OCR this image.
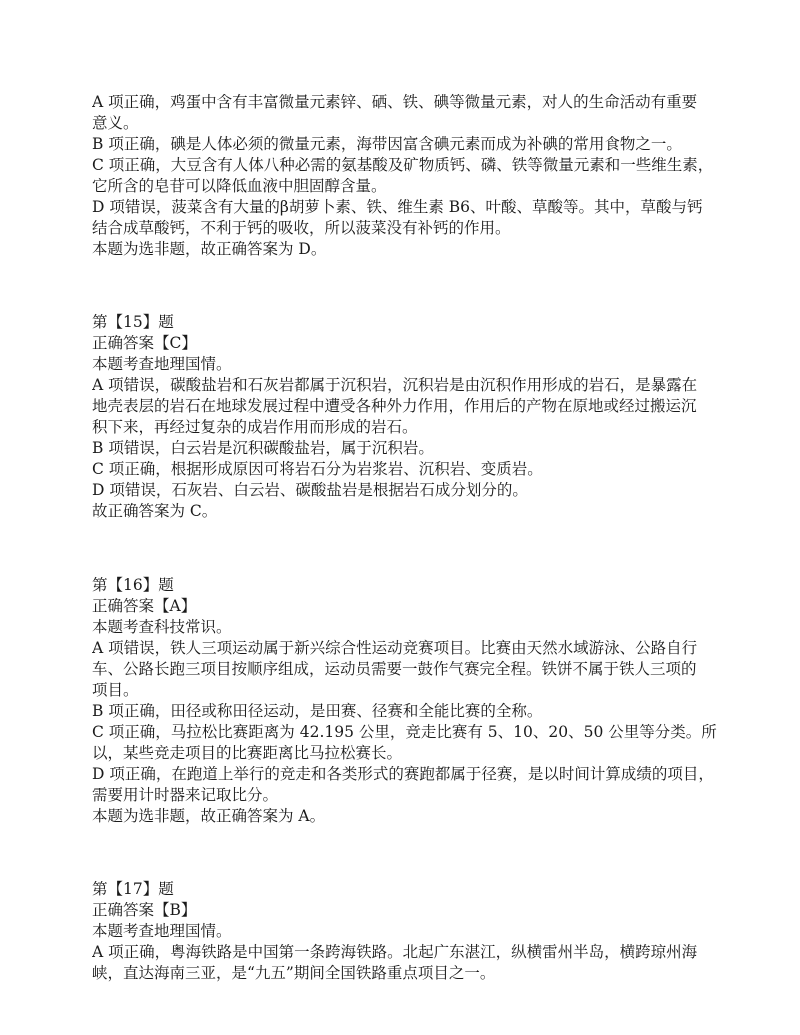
A 项正确，鸡蛋中含有丰富微量元素锌、硒、铁、碘等微量元素，对人的生命活动有重要
意义。
B 项正确，碘是人体必须的微量元素，海带因富含碘元素而成为补碘的常用食物之一。
C 项正确，大豆含有人体八种必需的氨基酸及矿物质钙、磷、铁等微量元素和一些维生素，
它所含的皂苷可以降低血液中胆固醇含量。
D 项错误，菠菜含有大量的β胡萝卜素、铁、维生素 B6、叶酸、草酸等。其中，草酸与钙
结合成草酸钙，不利于钙的吸收，所以菠菜没有补钙的作用。
本题为选非题，故正确答案为 D。
第【15】题
正确答案【C】
本题考查地理国情。
A 项错误，碳酸盐岩和石灰岩都属于沉积岩，沉积岩是由沉积作用形成的岩石，是暴露在
地壳表层的岩石在地球发展过程中遭受各种外力作用，作用后的产物在原地或经过搬运沉
积下来，再经过复杂的成岩作用而形成的岩石。
B 项错误，白云岩是沉积碳酸盐岩，属于沉积岩。
C 项正确，根据形成原因可将岩石分为岩浆岩、沉积岩、变质岩。
D 项错误，石灰岩、白云岩、碳酸盐岩是根据岩石成分划分的。
故正确答案为 C。
第【16】题
正确答案【A】
本题考查科技常识。
A 项错误，铁人三项运动属于新兴综合性运动竞赛项目。比赛由天然水域游泳、公路自行
车、公路长跑三项目按顺序组成，运动员需要一鼓作气赛完全程。铁饼不属于铁人三项的
项目。
B 项正确，田径或称田径运动，是田赛、径赛和全能比赛的全称。
C 项正确，马拉松比赛距离为 42.195 公里，竞走比赛有 5、10、20、50 公里等分类。所
以，某些竞走项目的比赛距离比马拉松赛长。
D 项正确，在跑道上举行的竞走和各类形式的赛跑都属于径赛，是以时间计算成绩的项目，
需要用计时器来记取比分。
本题为选非题，故正确答案为 A。
第【17】题
正确答案【B】
本题考查地理国情。
A 项正确，粤海铁路是中国第一条跨海铁路。北起广东湛江，纵横雷州半岛，横跨琼州海
峡，直达海南三亚，是“九五”期间全国铁路重点项目之一。
